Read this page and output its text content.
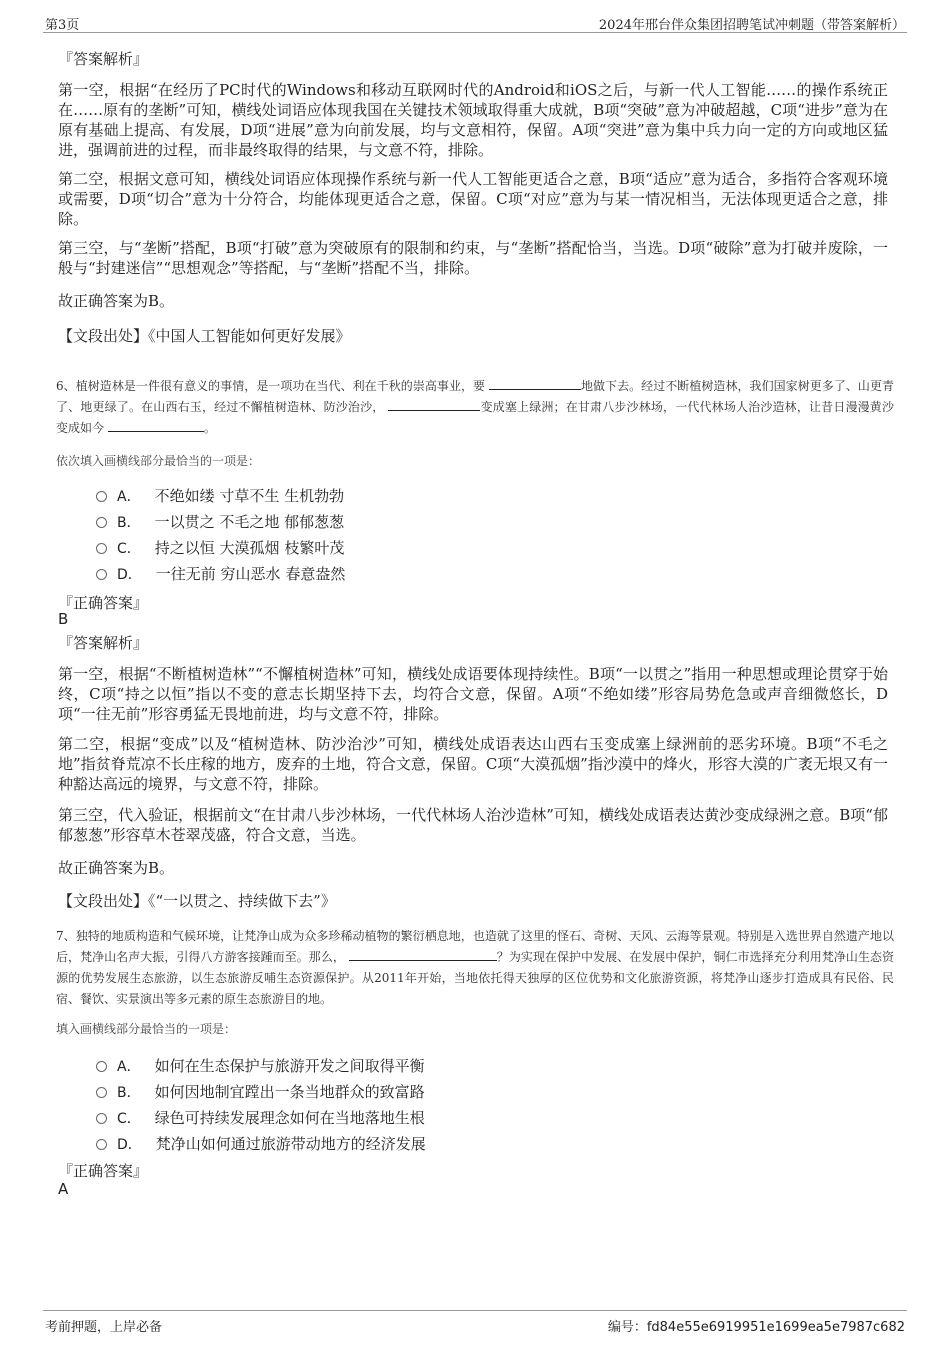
第3页	2024年邢台伴众集团招聘笔试冲刺题（带答案解析）
『答案解析』

第一空，根据“在经历了PC时代的Windows和移动互联网时代的Android和iOS之后，与新一代人工智能……的操作系统正在……原有的垄断”可知，横线处词语应体现我国在关键技术领域取得重大成就，B项“突破”意为冲破超越，C项“进步”意为在原有基础上提高、有发展，D项“进展”意为向前发展，均与文意相符，保留。A项“突进”意为集中兵力向一定的方向或地区猛进，强调前进的过程，而非最终取得的结果，与文意不符，排除。

第二空，根据文意可知，横线处词语应体现操作系统与新一代人工智能更适合之意，B项“适应”意为适合，多指符合客观环境或需要，D项“切合”意为十分符合，均能体现更适合之意，保留。C项“对应”意为与某一情况相当，无法体现更适合之意，排除。

第三空，与“垄断”搭配，B项“打破”意为突破原有的限制和约束，与“垄断”搭配恰当，当选。D项“破除”意为打破并废除，一般与“封建迷信”“思想观念”等搭配，与“垄断”搭配不当，排除。

故正确答案为B。
【文段出处】《中国人工智能如何更好发展》

6、植树造林是一件很有意义的事情，是一项功在当代、利在千秋的崇高事业，要	地做下去。经过不断植树造林，我们国家树更多了、山更青了、地更绿了。在山西右玉，经过不懈植树造林、防沙治沙，	变成塞上绿洲；在甘肃八步沙林场，一代代林场人治沙造林，让昔日漫漫黄沙变成如今	。

依次填入画横线部分最恰当的一项是：
A． 不绝如缕 寸草不生 生机勃勃
B． 一以贯之 不毛之地 郁郁葱葱
C． 持之以恒 大漠孤烟 枝繁叶茂
D． 一往无前 穷山恶水 春意盎然
『正确答案』
B
『答案解析』

第一空，根据“不断植树造林”“不懈植树造林”可知，横线处成语要体现持续性。B项“一以贯之”指用一种思想或理论贯穿于始终，C项“持之以恒”指以不变的意志长期坚持下去，均符合文意，保留。A项“不绝如缕”形容局势危急或声音细微悠长，D项“一往无前”形容勇猛无畏地前进，均与文意不符，排除。

第二空，根据“变成”以及“植树造林、防沙治沙”可知，横线处成语表达山西右玉变成塞上绿洲前的恶劣环境。B项“不毛之地”指贫脊荒凉不长庄稼的地方，废弃的土地，符合文意，保留。C项“大漠孤烟”指沙漠中的烽火，形容大漠的广袤无垠又有一种豁达高远的境界，与文意不符，排除。

第三空，代入验证，根据前文“在甘肃八步沙林场，一代代林场人治沙造林”可知，横线处成语表达黄沙变成绿洲之意。B项“郁郁葱葱”形容草木苍翠茂盛，符合文意，当选。

故正确答案为B。
【文段出处】《“一以贯之、持续做下去”》

7、独特的地质构造和气候环境，让梵净山成为众多珍稀动植物的繁衍栖息地，也造就了这里的怪石、奇树、天风、云海等景观。特别是入选世界自然遗产地以后，梵净山名声大振，引得八方游客接踵而至。那么，	？为实现在保护中发展、在发展中保护，铜仁市选择充分利用梵净山生态资源的优势发展生态旅游，以生态旅游反哺生态资源保护。从2011年开始，当地依托得天独厚的区位优势和文化旅游资源，将梵净山逐步打造成具有民俗、民宿、餐饮、实景演出等多元素的原生态旅游目的地。

填入画横线部分最恰当的一项是：
A． 如何在生态保护与旅游开发之间取得平衡
B． 如何因地制宜蹚出一条当地群众的致富路
C． 绿色可持续发展理念如何在当地落地生根
D． 梵净山如何通过旅游带动地方的经济发展
『正确答案』
A
考前押题，上岸必备	编号：fd84e55e6919951e1699ea5e7987c682
